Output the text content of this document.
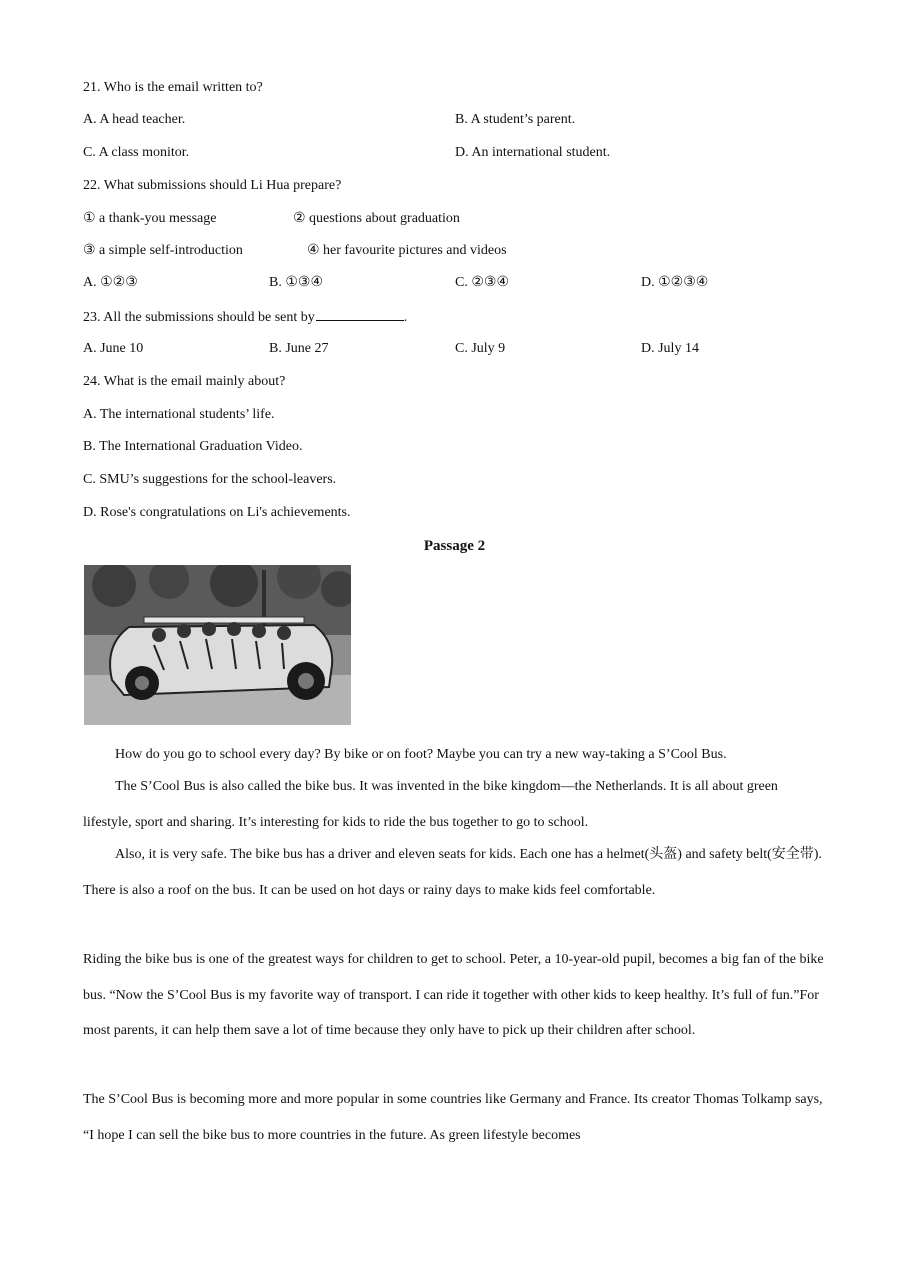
21. Who is the email written to?
A. A head teacher.	B. A student’s parent.
C. A class monitor.	D. An international student.
22. What submissions should Li Hua prepare?
① a thank-you message	② questions about graduation
③ a simple self-introduction	④ her favourite pictures and videos
A. ①②③	B. ①③④	C. ②③④	D. ①②③④
23. All the submissions should be sent by	.
A. June 10	B. June 27	C. July 9	D. July 14
24. What is the email mainly about?
A. The international students’ life.
B. The International Graduation Video.
C. SMU’s suggestions for the school-leavers.
D. Rose's congratulations on Li's achievements.
Passage 2
How do you go to school every day? By bike or on foot? Maybe you can try a new way-taking a S’Cool Bus.
The S’Cool Bus is also called the bike bus. It was invented in the bike kingdom—the Netherlands. It is all about green lifestyle, sport and sharing. It’s interesting for kids to ride the bus together to go to school.
Also, it is very safe. The bike bus has a driver and eleven seats for kids. Each one has a helmet(头盔) and safety belt(安全带). There is also a roof on the bus. It can be used on hot days or rainy days to make kids feel comfortable.
Riding the bike bus is one of the greatest ways for children to get to school. Peter, a 10-year-old pupil, becomes a big fan of the bike bus. “Now the S’Cool Bus is my favorite way of transport. I can ride it together with other kids to keep healthy. It’s full of fun.”For most parents, it can help them save a lot of time because they only have to pick up their children after school.
The S’Cool Bus is becoming more and more popular in some countries like Germany and France. Its creator Thomas Tolkamp says, “I hope I can sell the bike bus to more countries in the future. As green lifestyle becomes
